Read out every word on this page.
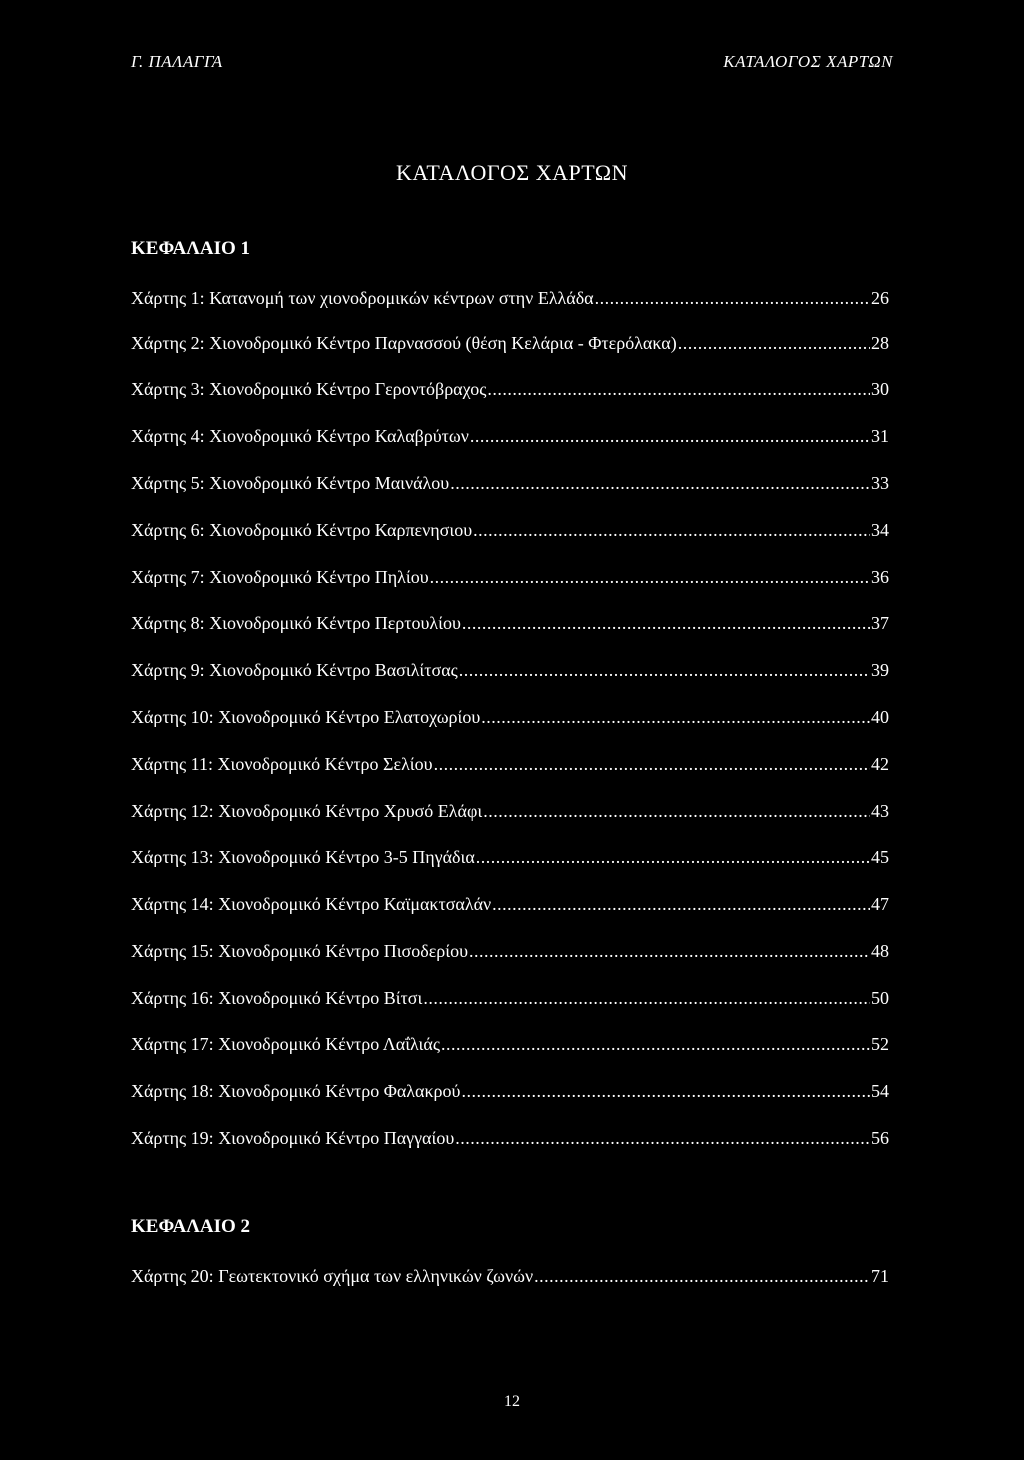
Γ. ΠΑΛΑΓΓΑ	ΚΑΤΑΛΟΓΟΣ ΧΑΡΤΩΝ
ΚΑΤΑΛΟΓΟΣ ΧΑΡΤΩΝ
ΚΕΦΑΛΑΙΟ 1
Χάρτης 1: Κατανομή των χιονοδρομικών κέντρων στην Ελλάδα .....	26
Χάρτης 2: Χιονοδρομικό Κέντρο Παρνασσού (θέση Κελάρια - Φτερόλακα) .....	28
Χάρτης 3: Χιονοδρομικό Κέντρο Γεροντόβραχος .....	30
Χάρτης 4: Χιονοδρομικό Κέντρο Καλαβρύτων .....	31
Χάρτης 5: Χιονοδρομικό Κέντρο Μαινάλου .....	33
Χάρτης 6: Χιονοδρομικό Κέντρο Καρπενησιου .....	34
Χάρτης 7: Χιονοδρομικό Κέντρο Πηλίου .....	36
Χάρτης 8: Χιονοδρομικό Κέντρο Περτουλίου .....	37
Χάρτης 9: Χιονοδρομικό Κέντρο Βασιλίτσας .....	39
Χάρτης 10: Χιονοδρομικό Κέντρο Ελατοχωρίου .....	40
Χάρτης 11: Χιονοδρομικό Κέντρο Σελίου .....	42
Χάρτης 12: Χιονοδρομικό Κέντρο Χρυσό Ελάφι .....	43
Χάρτης 13: Χιονοδρομικό Κέντρο 3-5 Πηγάδια .....	45
Χάρτης 14: Χιονοδρομικό Κέντρο Καϊμακτσαλάν .....	47
Χάρτης 15: Χιονοδρομικό Κέντρο Πισοδερίου .....	48
Χάρτης 16: Χιονοδρομικό Κέντρο Βίτσι .....	50
Χάρτης 17: Χιονοδρομικό Κέντρο Λαΐλιάς .....	52
Χάρτης 18: Χιονοδρομικό Κέντρο Φαλακρού .....	54
Χάρτης 19: Χιονοδρομικό Κέντρο Παγγαίου .....	56
ΚΕΦΑΛΑΙΟ 2
Χάρτης 20: Γεωτεκτονικό σχήμα των ελληνικών ζωνών .....	71
12
